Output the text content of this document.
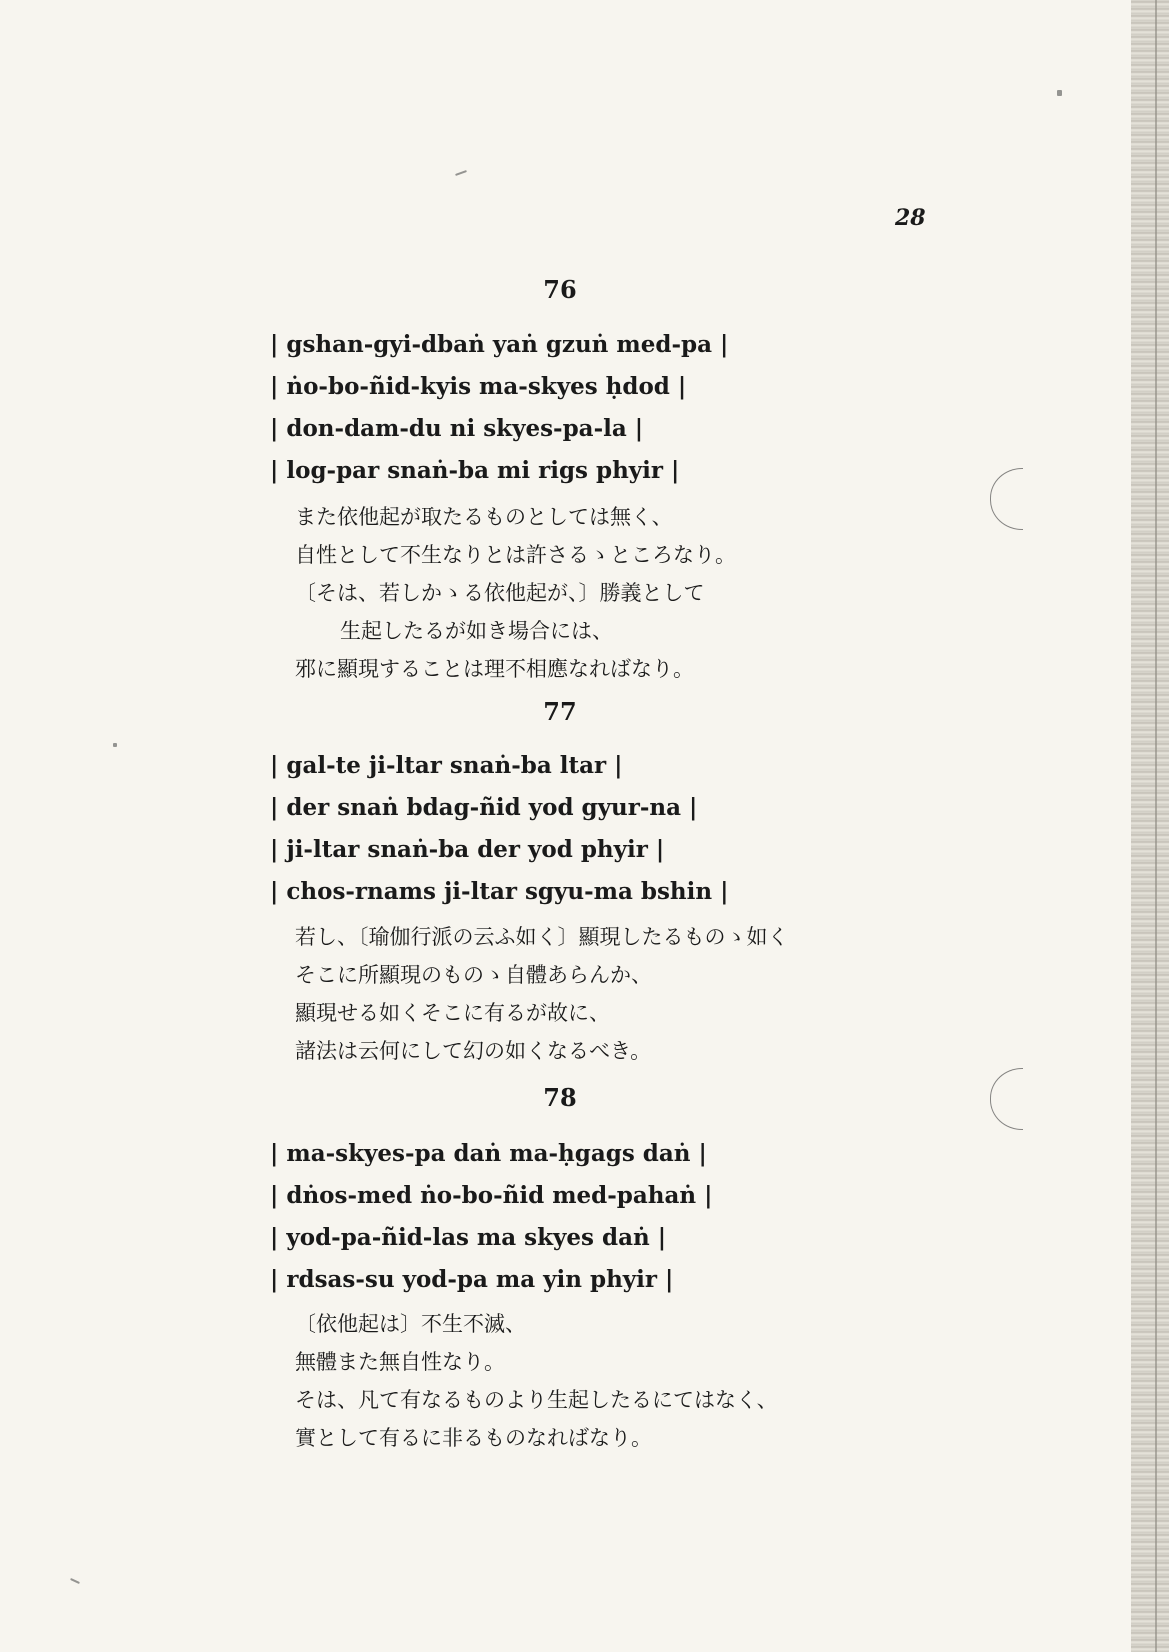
28
76
| gshan-gyi-dbaṅ yaṅ gzuṅ med-pa |
| ṅo-bo-ñid-kyis ma-skyes ḥdod |
| don-dam-du ni skyes-pa-la |
| log-par snaṅ-ba mi rigs phyir |
また依他起が取たるものとしては無く、
自性として不生なりとは許さるゝところなり。
〔そは、若しかゝる依他起が、〕勝義として
生起したるが如き場合には、
邪に顯現することは理不相應なればなり。
77
| gal-te ji-ltar snaṅ-ba ltar |
| der snaṅ bdag-ñid yod gyur-na |
| ji-ltar snaṅ-ba der yod phyir |
| chos-rnams ji-ltar sgyu-ma bshin |
若し、〔瑜伽行派の云ふ如く〕顯現したるものゝ如く
そこに所顯現のものゝ自體あらんか、
顯現せる如くそこに有るが故に、
諸法は云何にして幻の如くなるべき。
78
| ma-skyes-pa daṅ ma-ḥgags daṅ |
| dṅos-med ṅo-bo-ñid med-pahaṅ |
| yod-pa-ñid-las ma skyes daṅ |
| rdsas-su yod-pa ma yin phyir |
〔依他起は〕不生不滅、
無體また無自性なり。
そは、凡て有なるものより生起したるにてはなく、
實として有るに非るものなればなり。
